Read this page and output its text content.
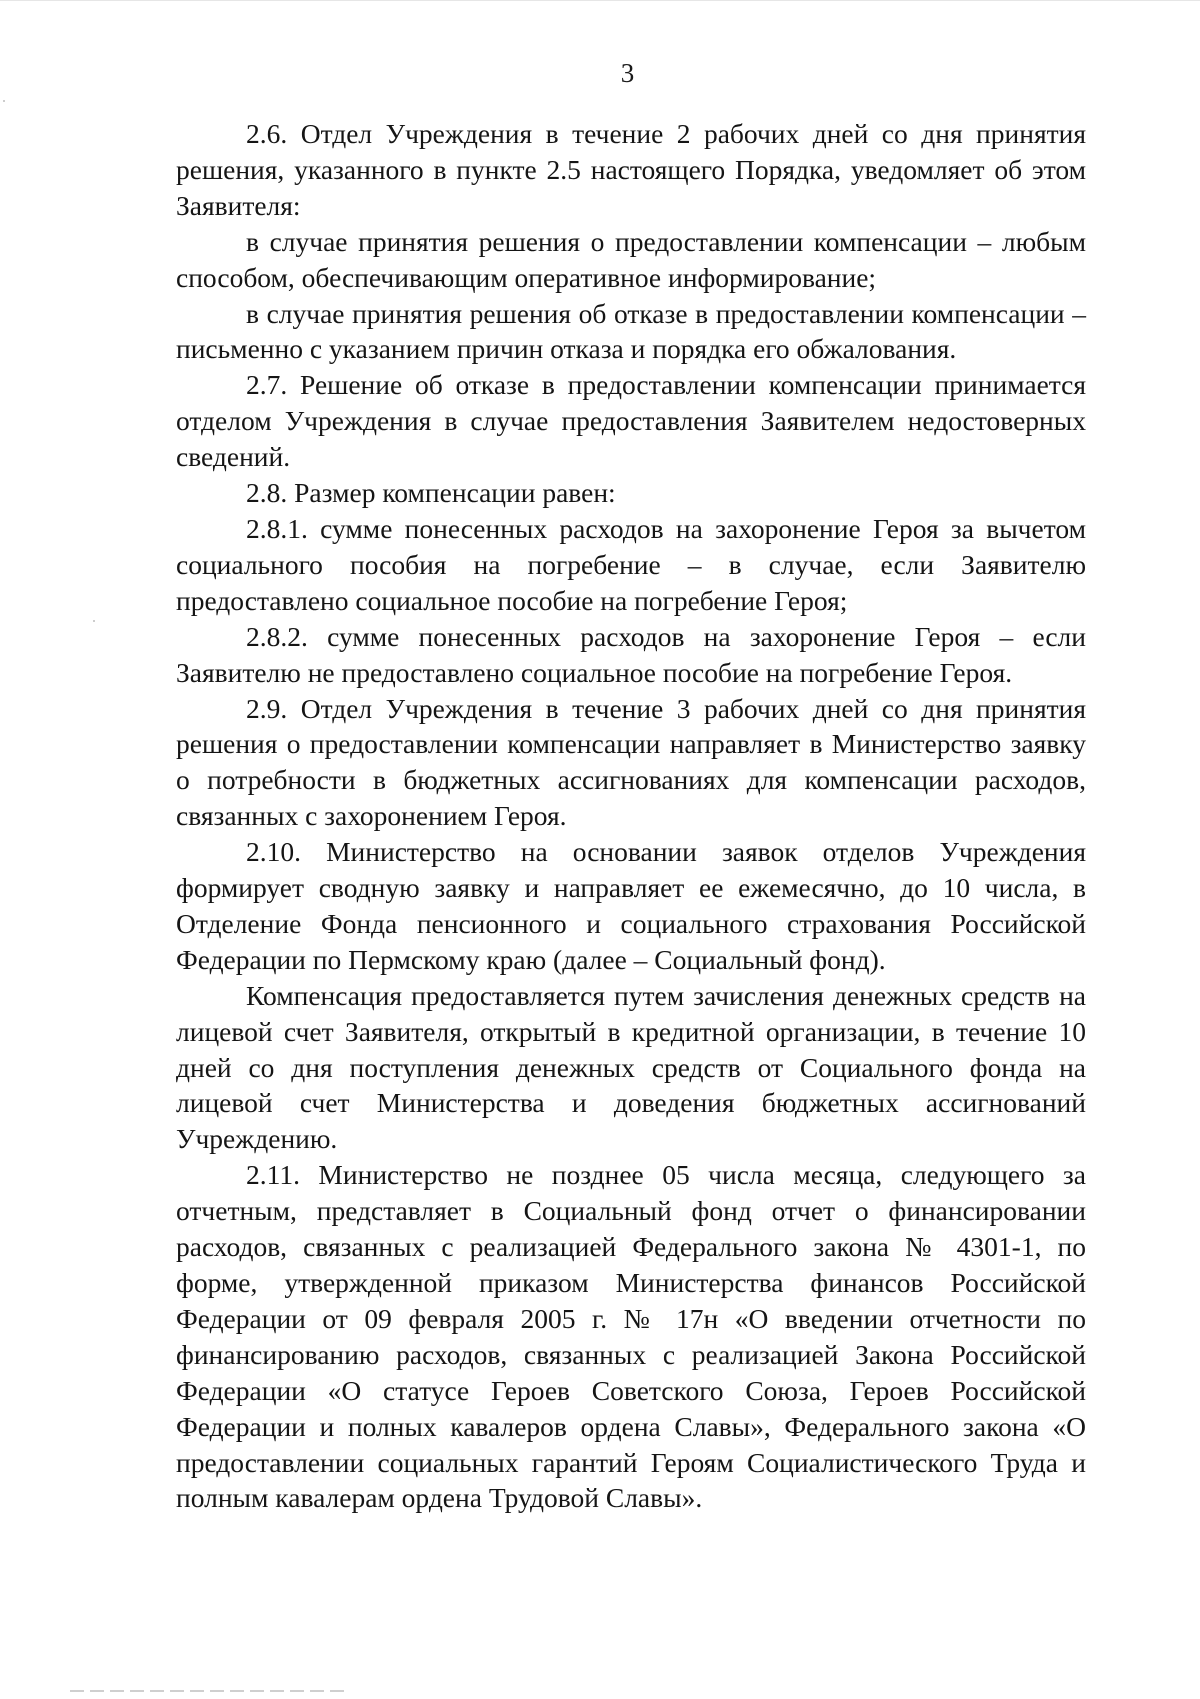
3

2.6. Отдел Учреждения в течение 2 рабочих дней со дня принятия решения, указанного в пункте 2.5 настоящего Порядка, уведомляет об этом Заявителя:

в случае принятия решения о предоставлении компенсации – любым способом, обеспечивающим оперативное информирование;

в случае принятия решения об отказе в предоставлении компенсации – письменно с указанием причин отказа и порядка его обжалования.

2.7. Решение об отказе в предоставлении компенсации принимается отделом Учреждения в случае предоставления Заявителем недостоверных сведений.

2.8. Размер компенсации равен:

2.8.1. сумме понесенных расходов на захоронение Героя за вычетом социального пособия на погребение – в случае, если Заявителю предоставлено социальное пособие на погребение Героя;

2.8.2. сумме понесенных расходов на захоронение Героя – если Заявителю не предоставлено социальное пособие на погребение Героя.

2.9. Отдел Учреждения в течение 3 рабочих дней со дня принятия решения о предоставлении компенсации направляет в Министерство заявку о потребности в бюджетных ассигнованиях для компенсации расходов, связанных с захоронением Героя.

2.10. Министерство на основании заявок отделов Учреждения формирует сводную заявку и направляет ее ежемесячно, до 10 числа, в Отделение Фонда пенсионного и социального страхования Российской Федерации по Пермскому краю (далее – Социальный фонд).

Компенсация предоставляется путем зачисления денежных средств на лицевой счет Заявителя, открытый в кредитной организации, в течение 10 дней со дня поступления денежных средств от Социального фонда на лицевой счет Министерства и доведения бюджетных ассигнований Учреждению.

2.11. Министерство не позднее 05 числа месяца, следующего за отчетным, представляет в Социальный фонд отчет о финансировании расходов, связанных с реализацией Федерального закона № 4301-1, по форме, утвержденной приказом Министерства финансов Российской Федерации от 09 февраля 2005 г. № 17н «О введении отчетности по финансированию расходов, связанных с реализацией Закона Российской Федерации «О статусе Героев Советского Союза, Героев Российской Федерации и полных кавалеров ордена Славы», Федерального закона «О предоставлении социальных гарантий Героям Социалистического Труда и полным кавалерам ордена Трудовой Славы».
